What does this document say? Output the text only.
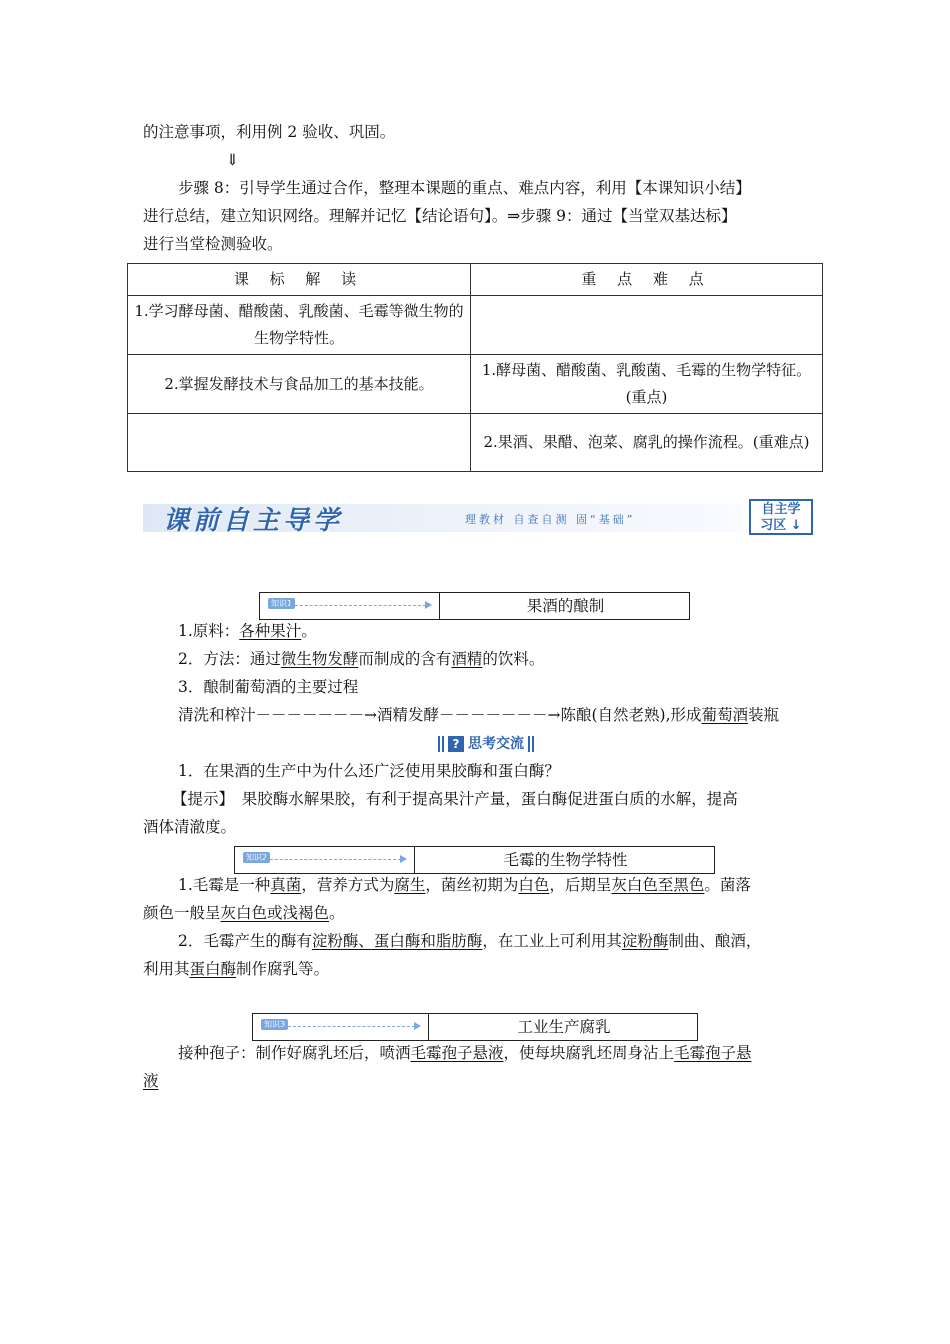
的注意事项，利用例 2 验收、巩固。
⇓
步骤 8：引导学生通过合作，整理本课题的重点、难点内容，利用【本课知识小结】
进行总结，建立知识网络。理解并记忆【结论语句】。⇒步骤 9：通过【当堂双基达标】
进行当堂检测验收。
课 标 解 读	重 点 难 点
1.学习酵母菌、醋酸菌、乳酸菌、毛霉等微生物的生物学特性。	
2.掌握发酵技术与食品加工的基本技能。	1.酵母菌、醋酸菌、乳酸菌、毛霉的生物学特征。(重点)
	2.果酒、果醋、泡菜、腐乳的操作流程。(重难点)
课前自主导学	理教材 自查自测 固“基础”
自主学
习区 ↓
知识1	果酒的酿制
1.原料：各种果汁。
2．方法：通过微生物发酵而制成的含有酒精的饮料。
3．酿制葡萄酒的主要过程
清洗和榨汁－－－－－－－→酒精发酵－－－－－－－→陈酿(自然老熟),形成葡萄酒装瓶
? 思考交流
1．在果酒的生产中为什么还广泛使用果胶酶和蛋白酶？
【提示】　果胶酶水解果胶，有利于提高果汁产量，蛋白酶促进蛋白质的水解，提高
酒体清澈度。
知识2	毛霉的生物学特性
1.毛霉是一种真菌，营养方式为腐生，菌丝初期为白色，后期呈灰白色至黑色。菌落
颜色一般呈灰白色或浅褐色。
2．毛霉产生的酶有淀粉酶、蛋白酶和脂肪酶，在工业上可利用其淀粉酶制曲、酿酒，
利用其蛋白酶制作腐乳等。
知识3	工业生产腐乳
接种孢子：制作好腐乳坯后，喷洒毛霉孢子悬液，使每块腐乳坯周身沾上毛霉孢子悬
液
